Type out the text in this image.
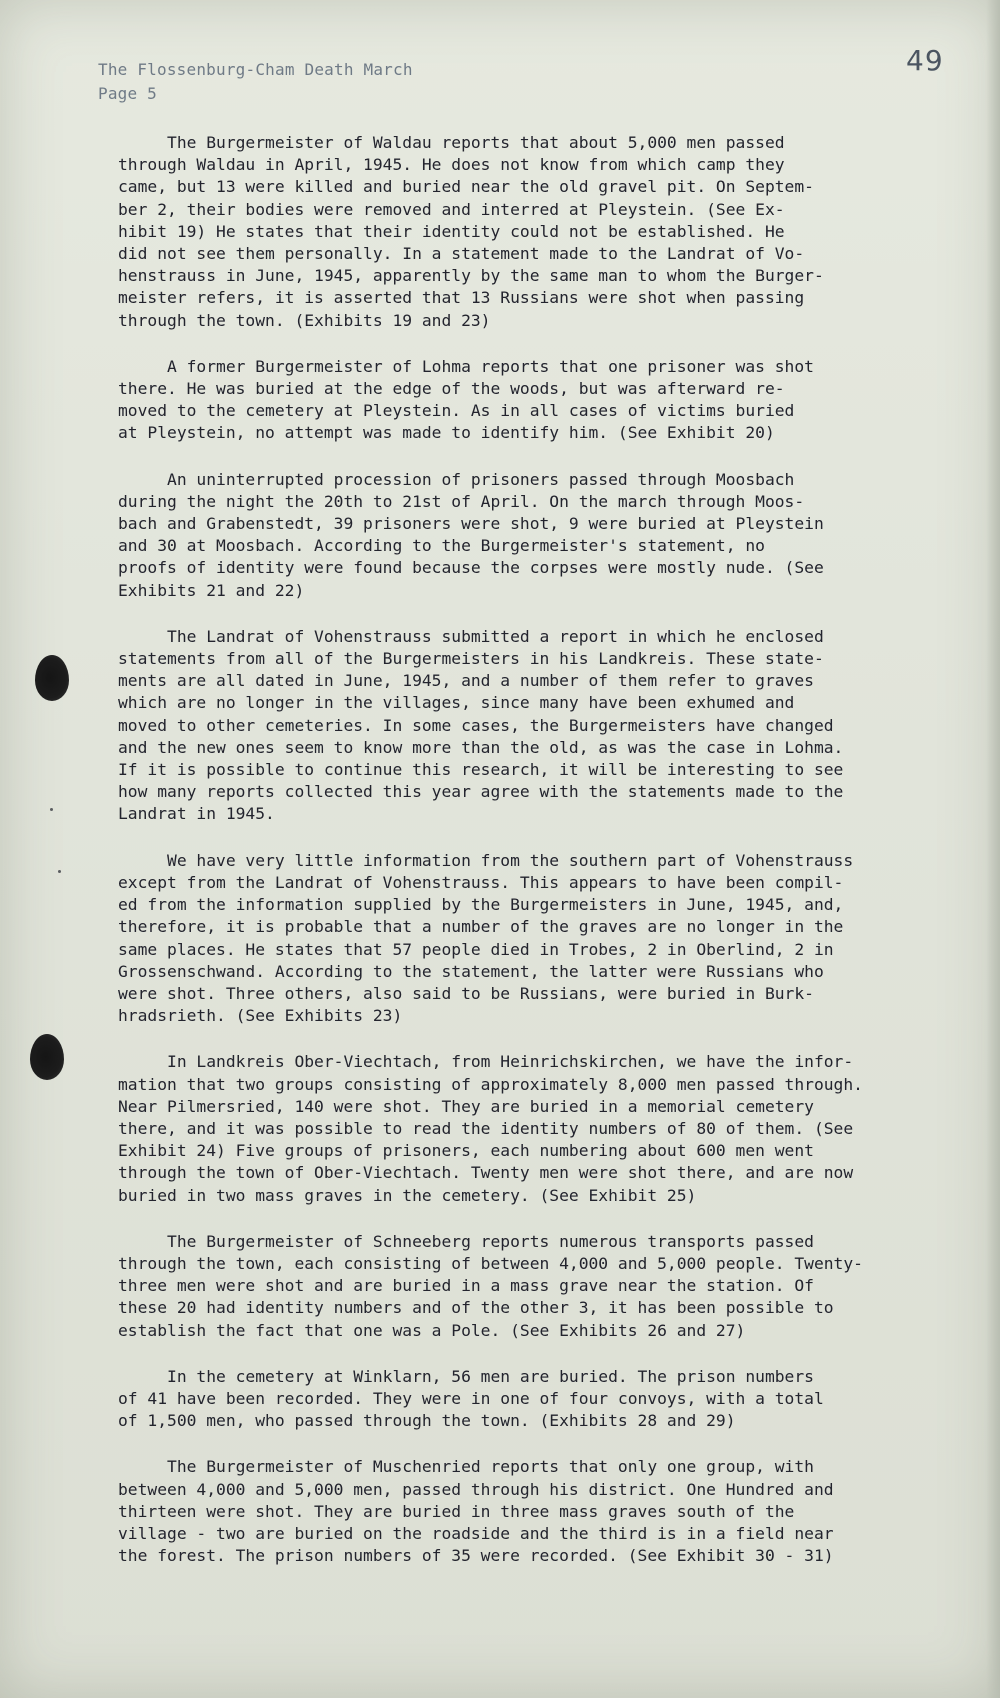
The Flossenburg-Cham Death March
Page 5
49
The Burgermeister of Waldau reports that about 5,000 men passed
through Waldau in April, 1945. He does not know from which camp they
came, but 13 were killed and buried near the old gravel pit. On Septem-
ber 2, their bodies were removed and interred at Pleystein. (See Ex-
hibit 19) He states that their identity could not be established. He
did not see them personally. In a statement made to the Landrat of Vo-
henstrauss in June, 1945, apparently by the same man to whom the Burger-
meister refers, it is asserted that 13 Russians were shot when passing
through the town. (Exhibits 19 and 23)
A former Burgermeister of Lohma reports that one prisoner was shot
there. He was buried at the edge of the woods, but was afterward re-
moved to the cemetery at Pleystein. As in all cases of victims buried
at Pleystein, no attempt was made to identify him. (See Exhibit 20)
An uninterrupted procession of prisoners passed through Moosbach
during the night the 20th to 21st of April. On the march through Moos-
bach and Grabenstedt, 39 prisoners were shot, 9 were buried at Pleystein
and 30 at Moosbach. According to the Burgermeister's statement, no
proofs of identity were found because the corpses were mostly nude. (See
Exhibits 21 and 22)
The Landrat of Vohenstrauss submitted a report in which he enclosed
statements from all of the Burgermeisters in his Landkreis. These state-
ments are all dated in June, 1945, and a number of them refer to graves
which are no longer in the villages, since many have been exhumed and
moved to other cemeteries. In some cases, the Burgermeisters have changed
and the new ones seem to know more than the old, as was the case in Lohma.
If it is possible to continue this research, it will be interesting to see
how many reports collected this year agree with the statements made to the
Landrat in 1945.
We have very little information from the southern part of Vohenstrauss
except from the Landrat of Vohenstrauss. This appears to have been compil-
ed from the information supplied by the Burgermeisters in June, 1945, and,
therefore, it is probable that a number of the graves are no longer in the
same places. He states that 57 people died in Trobes, 2 in Oberlind, 2 in
Grossenschwand. According to the statement, the latter were Russians who
were shot. Three others, also said to be Russians, were buried in Burk-
hradsrieth. (See Exhibits 23)
In Landkreis Ober-Viechtach, from Heinrichskirchen, we have the infor-
mation that two groups consisting of approximately 8,000 men passed through.
Near Pilmersried, 140 were shot. They are buried in a memorial cemetery
there, and it was possible to read the identity numbers of 80 of them. (See
Exhibit 24) Five groups of prisoners, each numbering about 600 men went
through the town of Ober-Viechtach. Twenty men were shot there, and are now
buried in two mass graves in the cemetery. (See Exhibit 25)
The Burgermeister of Schneeberg reports numerous transports passed
through the town, each consisting of between 4,000 and 5,000 people. Twenty-
three men were shot and are buried in a mass grave near the station. Of
these 20 had identity numbers and of the other 3, it has been possible to
establish the fact that one was a Pole. (See Exhibits 26 and 27)
In the cemetery at Winklarn, 56 men are buried. The prison numbers
of 41 have been recorded. They were in one of four convoys, with a total
of 1,500 men, who passed through the town. (Exhibits 28 and 29)
The Burgermeister of Muschenried reports that only one group, with
between 4,000 and 5,000 men, passed through his district. One Hundred and
thirteen were shot. They are buried in three mass graves south of the
village - two are buried on the roadside and the third is in a field near
the forest. The prison numbers of 35 were recorded. (See Exhibit 30 - 31)
